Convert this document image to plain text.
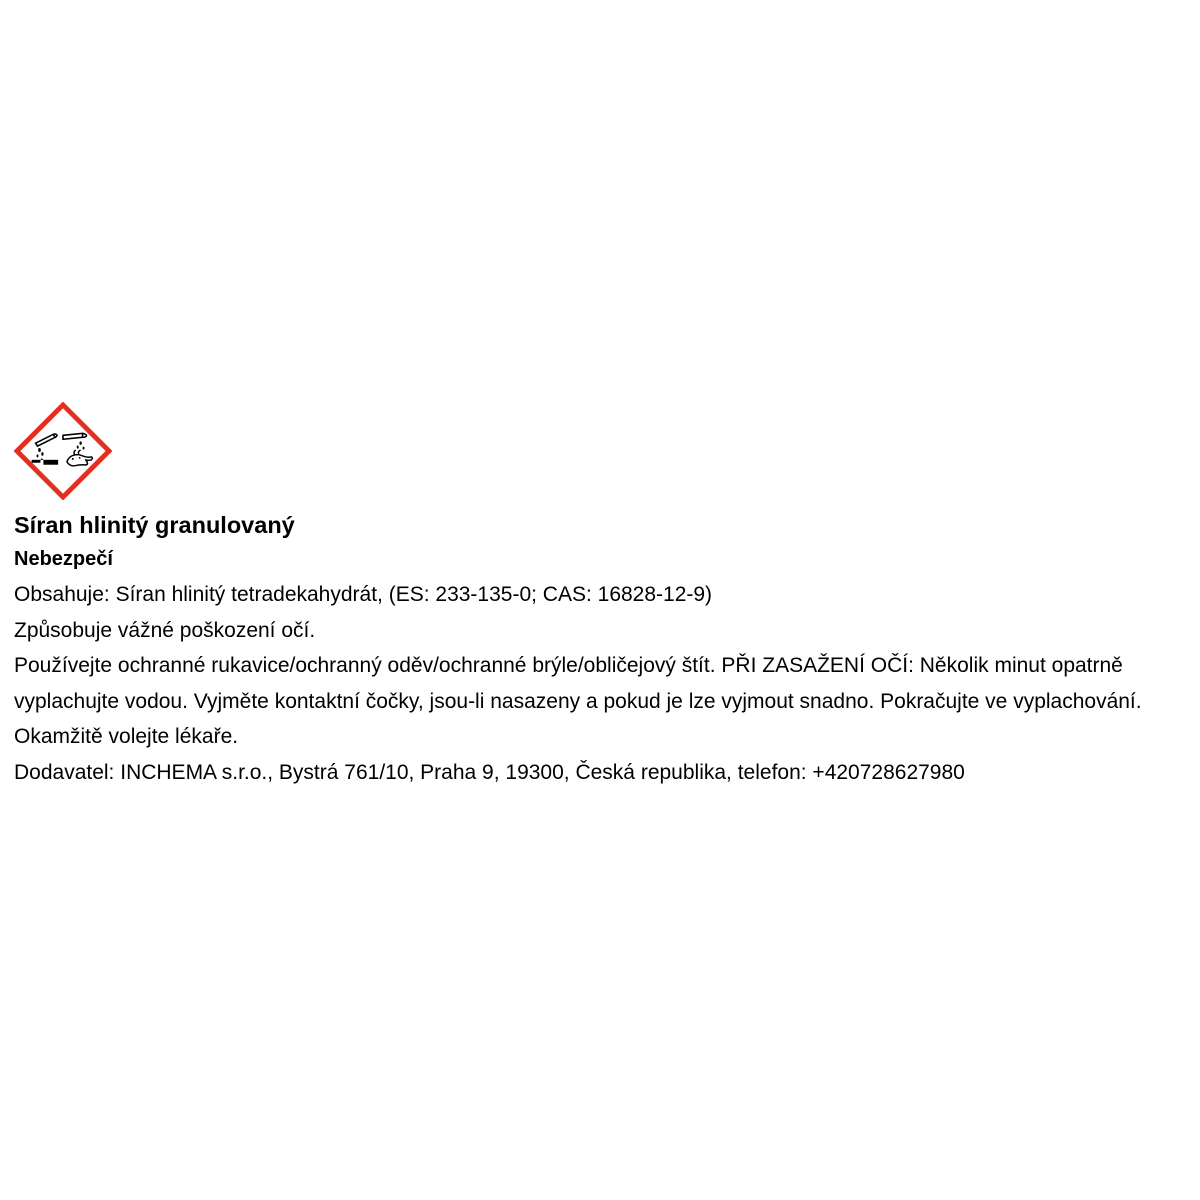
Síran hlinitý granulovaný

Nebezpečí

Obsahuje: Síran hlinitý tetradekahydrát, (ES: 233-135-0; CAS: 16828-12-9)

Způsobuje vážné poškození očí.

Používejte ochranné rukavice/ochranný oděv/ochranné brýle/obličejový štít. PŘI ZASAŽENÍ OČÍ: Několik minut opatrně vyplachujte vodou. Vyjměte kontaktní čočky, jsou-li nasazeny a pokud je lze vyjmout snadno. Pokračujte ve vyplachování. Okamžitě volejte lékaře.

Dodavatel: INCHEMA s.r.o., Bystrá 761/10, Praha 9, 19300, Česká republika, telefon: +420728627980
